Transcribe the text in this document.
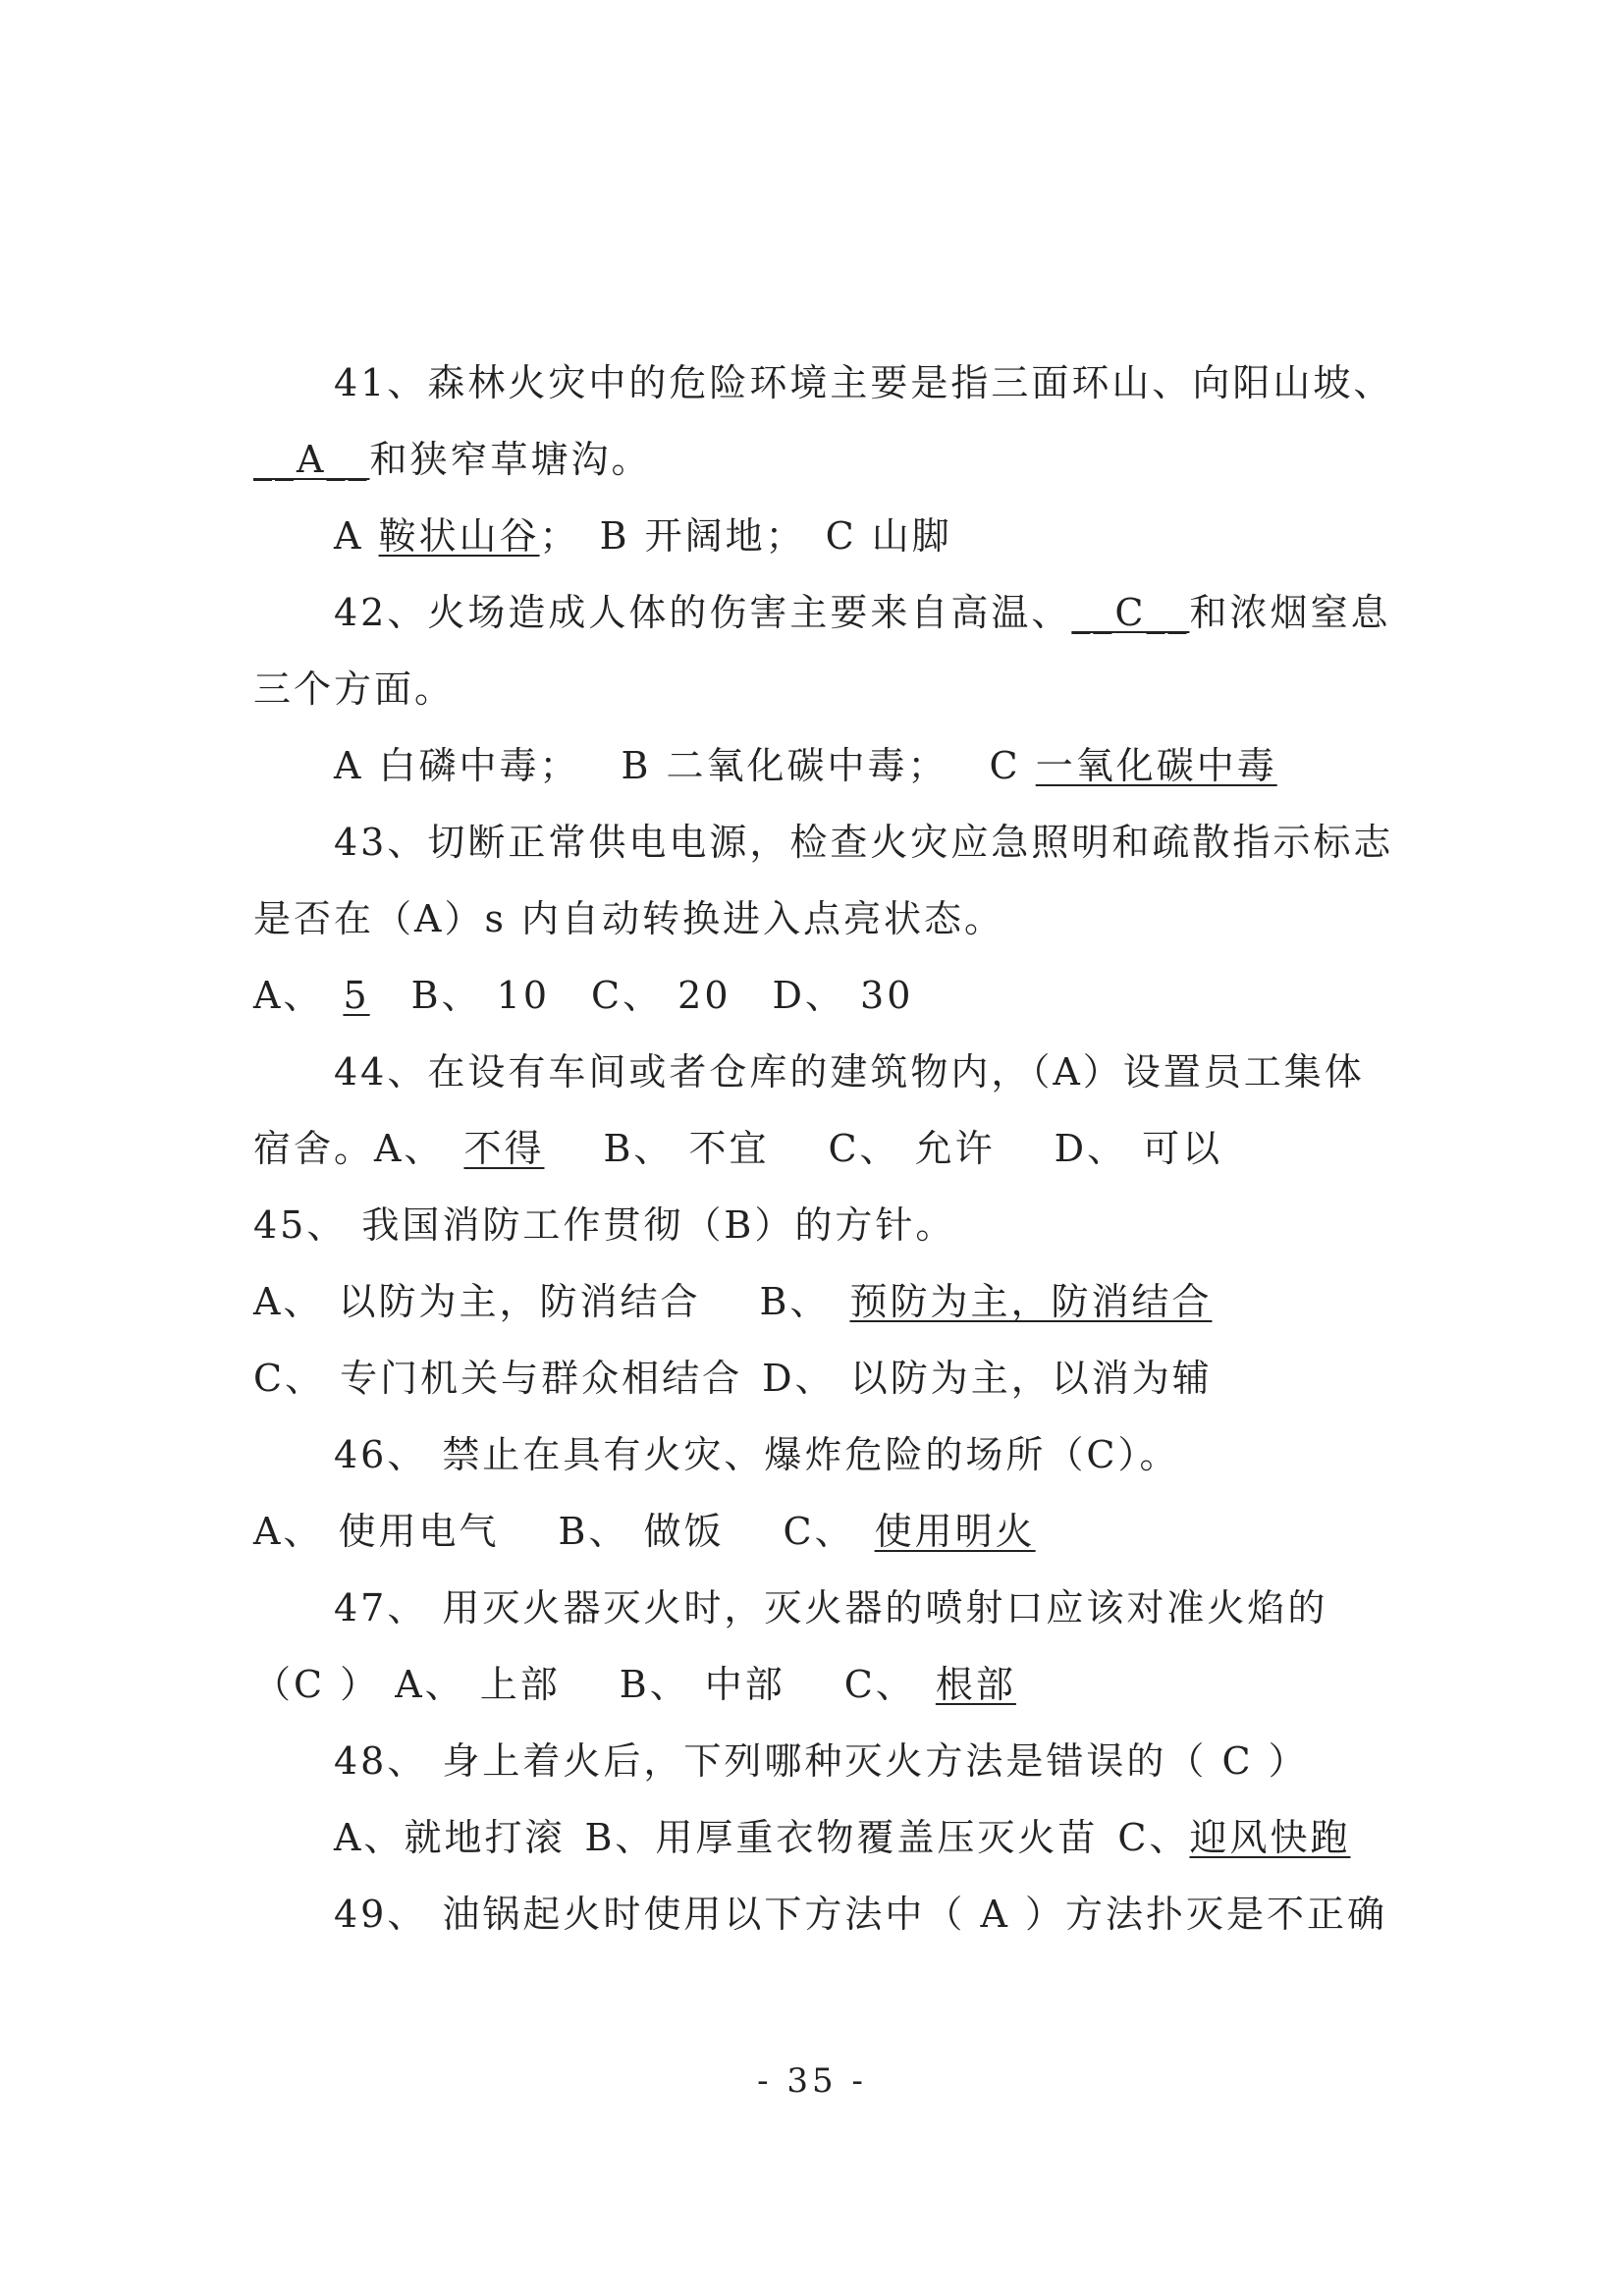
41、森林火灾中的危险环境主要是指三面环山、向阳山坡、
__A__和狭窄草塘沟。
A 鞍状山谷； B 开阔地； C 山脚
42、火场造成人体的伤害主要来自高温、__C__和浓烟窒息
三个方面。
A 白磷中毒； B 二氧化碳中毒； C 一氧化碳中毒
43、切断正常供电电源，检查火灾应急照明和疏散指示标志
是否在（A）s 内自动转换进入点亮状态。
A、 5 B、 10 C、 20 D、 30
44、在设有车间或者仓库的建筑物内，（A）设置员工集体
宿舍。A、 不得 B、 不宜 C、 允许 D、 可以
45、 我国消防工作贯彻（B）的方针。
A、 以防为主，防消结合 B、 预防为主，防消结合
C、 专门机关与群众相结合 D、 以防为主，以消为辅
46、 禁止在具有火灾、爆炸危险的场所（C）。
A、 使用电气 B、 做饭 C、 使用明火
47、 用灭火器灭火时，灭火器的喷射口应该对准火焰的
（C ） A、 上部 B、 中部 C、 根部
48、 身上着火后，下列哪种灭火方法是错误的（ C ）
A、就地打滚 B、用厚重衣物覆盖压灭火苗 C、迎风快跑
49、 油锅起火时使用以下方法中（ A ）方法扑灭是不正确
- 35 -
